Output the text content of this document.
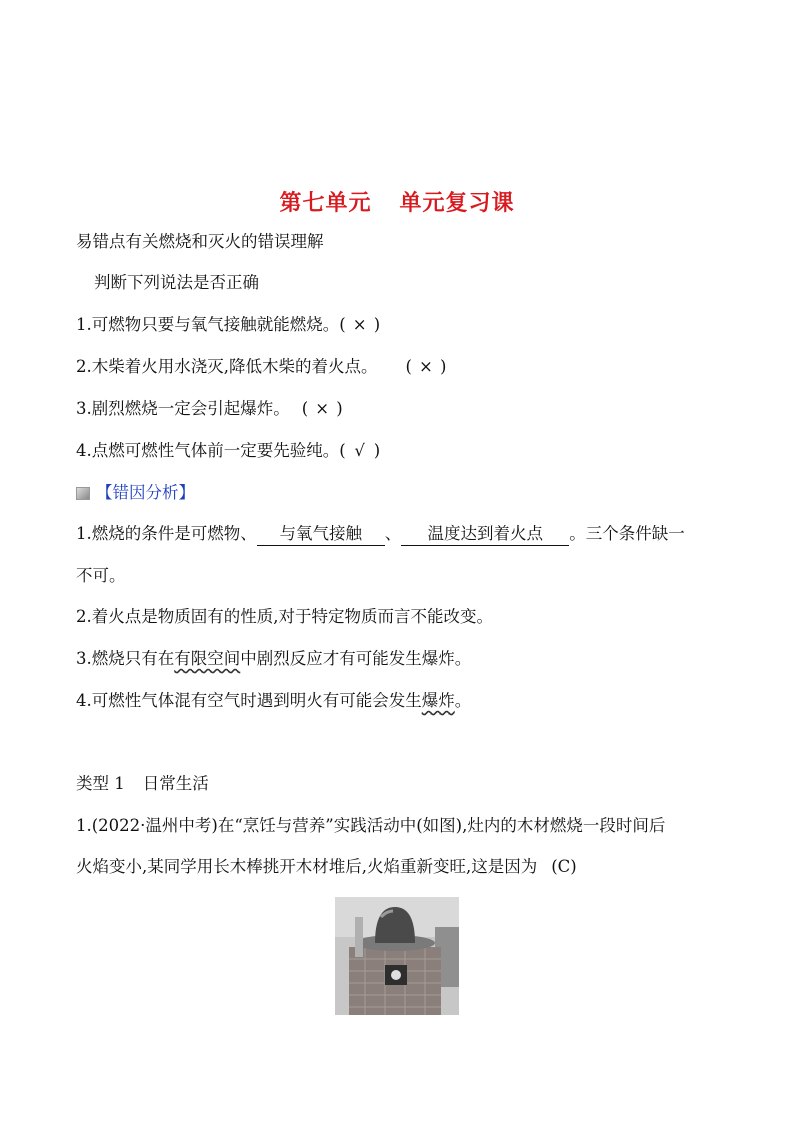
第七单元 单元复习课
易错点有关燃烧和灭火的错误理解
判断下列说法是否正确
1.可燃物只要与氧气接触就能燃烧。( × )
2.木柴着火用水浇灭,降低木柴的着火点。 ( × )
3.剧烈燃烧一定会引起爆炸。 ( × )
4.点燃可燃性气体前一定要先验纯。( √ )
【错因分析】
1.燃烧的条件是可燃物、 与氧气接触 、 温度达到着火点 。三个条件缺一
不可。
2.着火点是物质固有的性质,对于特定物质而言不能改变。
3.燃烧只有在有限空间中剧烈反应才有可能发生爆炸。
4.可燃性气体混有空气时遇到明火有可能会发生爆炸。
类型 1 日常生活
1.(2022·温州中考)在“烹饪与营养”实践活动中(如图),灶内的木材燃烧一段时间后
火焰变小,某同学用长木棒挑开木材堆后,火焰重新变旺,这是因为 (C)
